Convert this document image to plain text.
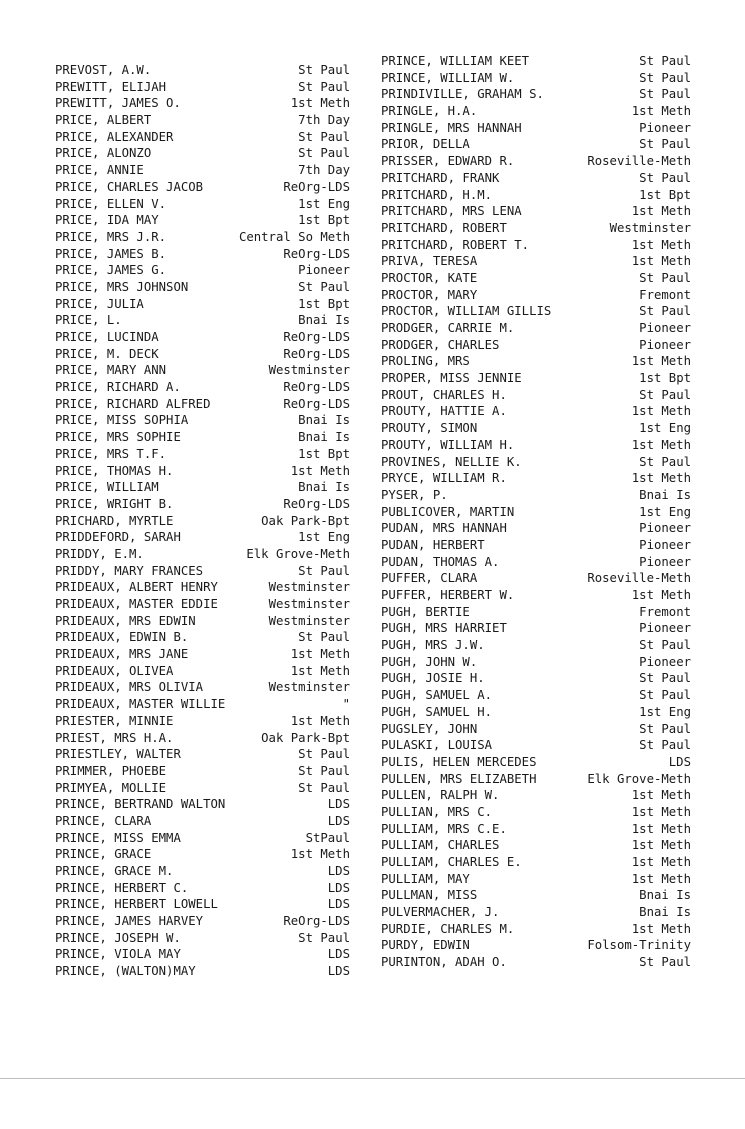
PREVOST, A.W.	St Paul
PREWITT, ELIJAH	St Paul
PREWITT, JAMES O.	1st Meth
PRICE, ALBERT	7th Day
PRICE, ALEXANDER	St Paul
PRICE, ALONZO	St Paul
PRICE, ANNIE	7th Day
PRICE, CHARLES JACOB	ReOrg-LDS
PRICE, ELLEN V.	1st Eng
PRICE, IDA MAY	1st Bpt
PRICE, MRS J.R.	Central So Meth
PRICE, JAMES B.	ReOrg-LDS
PRICE, JAMES G.	Pioneer
PRICE, MRS JOHNSON	St Paul
PRICE, JULIA	1st Bpt
PRICE, L.	Bnai Is
PRICE, LUCINDA	ReOrg-LDS
PRICE, M. DECK	ReOrg-LDS
PRICE, MARY ANN	Westminster
PRICE, RICHARD A.	ReOrg-LDS
PRICE, RICHARD ALFRED	ReOrg-LDS
PRICE, MISS SOPHIA	Bnai Is
PRICE, MRS SOPHIE	Bnai Is
PRICE, MRS T.F.	1st Bpt
PRICE, THOMAS H.	1st Meth
PRICE, WILLIAM	Bnai Is
PRICE, WRIGHT B.	ReOrg-LDS
PRICHARD, MYRTLE	Oak Park-Bpt
PRIDDEFORD, SARAH	1st Eng
PRIDDY, E.M.	Elk Grove-Meth
PRIDDY, MARY FRANCES	St Paul
PRIDEAUX, ALBERT HENRY	Westminster
PRIDEAUX, MASTER EDDIE	Westminster
PRIDEAUX, MRS EDWIN	Westminster
PRIDEAUX, EDWIN B.	St Paul
PRIDEAUX, MRS JANE	1st Meth
PRIDEAUX, OLIVEA	1st Meth
PRIDEAUX, MRS OLIVIA	Westminster
PRIDEAUX, MASTER WILLIE	"
PRIESTER, MINNIE	1st Meth
PRIEST, MRS H.A.	Oak Park-Bpt
PRIESTLEY, WALTER	St Paul
PRIMMER, PHOEBE	St Paul
PRIMYEA, MOLLIE	St Paul
PRINCE, BERTRAND WALTON	LDS
PRINCE, CLARA	LDS
PRINCE, MISS EMMA	StPaul
PRINCE, GRACE	1st Meth
PRINCE, GRACE M.	LDS
PRINCE, HERBERT C.	LDS
PRINCE, HERBERT LOWELL	LDS
PRINCE, JAMES HARVEY	ReOrg-LDS
PRINCE, JOSEPH W.	St Paul
PRINCE, VIOLA MAY	LDS
PRINCE, (WALTON)MAY	LDS
PRINCE, WILLIAM KEET	St Paul
PRINCE, WILLIAM W.	St Paul
PRINDIVILLE, GRAHAM S.	St Paul
PRINGLE, H.A.	1st Meth
PRINGLE, MRS HANNAH	Pioneer
PRIOR, DELLA	St Paul
PRISSER, EDWARD R.	Roseville-Meth
PRITCHARD, FRANK	St Paul
PRITCHARD, H.M.	1st Bpt
PRITCHARD, MRS LENA	1st Meth
PRITCHARD, ROBERT	Westminster
PRITCHARD, ROBERT T.	1st Meth
PRIVA, TERESA	1st Meth
PROCTOR, KATE	St Paul
PROCTOR, MARY	Fremont
PROCTOR, WILLIAM GILLIS	St Paul
PRODGER, CARRIE M.	Pioneer
PRODGER, CHARLES	Pioneer
PROLING, MRS	1st Meth
PROPER, MISS JENNIE	1st Bpt
PROUT, CHARLES H.	St Paul
PROUTY, HATTIE A.	1st Meth
PROUTY, SIMON	1st Eng
PROUTY, WILLIAM H.	1st Meth
PROVINES, NELLIE K.	St Paul
PRYCE, WILLIAM R.	1st Meth
PYSER, P.	Bnai Is
PUBLICOVER, MARTIN	1st Eng
PUDAN, MRS HANNAH	Pioneer
PUDAN, HERBERT	Pioneer
PUDAN, THOMAS A.	Pioneer
PUFFER, CLARA	Roseville-Meth
PUFFER, HERBERT W.	1st Meth
PUGH, BERTIE	Fremont
PUGH, MRS HARRIET	Pioneer
PUGH, MRS J.W.	St Paul
PUGH, JOHN W.	Pioneer
PUGH, JOSIE H.	St Paul
PUGH, SAMUEL A.	St Paul
PUGH, SAMUEL H.	1st Eng
PUGSLEY, JOHN	St Paul
PULASKI, LOUISA	St Paul
PULIS, HELEN MERCEDES	LDS
PULLEN, MRS ELIZABETH	Elk Grove-Meth
PULLEN, RALPH W.	1st Meth
PULLIAN, MRS C.	1st Meth
PULLIAM, MRS C.E.	1st Meth
PULLIAM, CHARLES	1st Meth
PULLIAM, CHARLES E.	1st Meth
PULLIAM, MAY	1st Meth
PULLMAN, MISS	Bnai Is
PULVERMACHER, J.	Bnai Is
PURDIE, CHARLES M.	1st Meth
PURDY, EDWIN	Folsom-Trinity
PURINTON, ADAH O.	St Paul
